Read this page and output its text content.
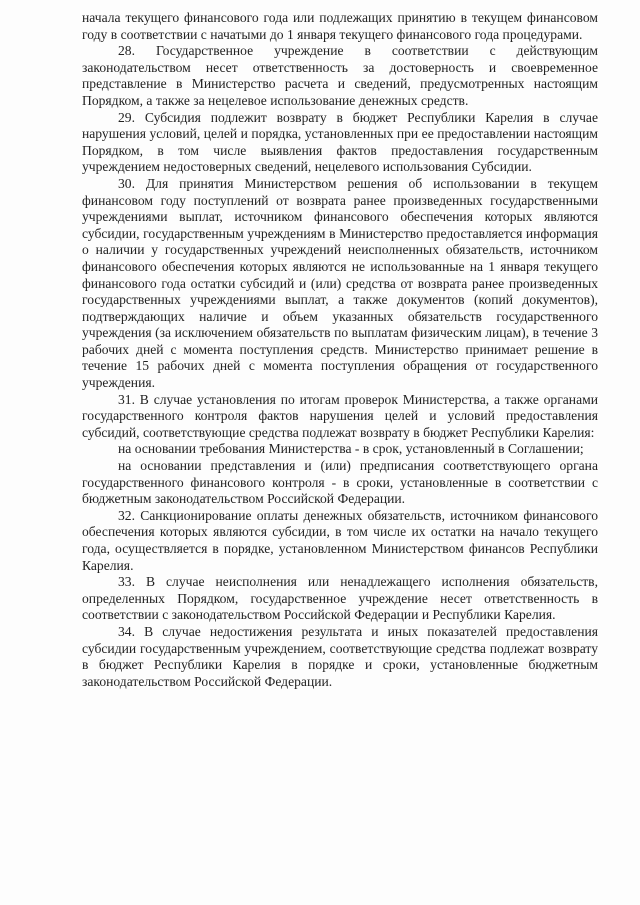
начала текущего финансового года или подлежащих принятию в текущем финансовом году в соответствии с начатыми до 1 января текущего финансового года процедурами.

28. Государственное учреждение в соответствии с действующим законодательством несет ответственность за достоверность и своевременное представление в Министерство расчета и сведений, предусмотренных настоящим Порядком, а также за нецелевое использование денежных средств.

29. Субсидия подлежит возврату в бюджет Республики Карелия в случае нарушения условий, целей и порядка, установленных при ее предоставлении настоящим Порядком, в том числе выявления фактов предоставления государственным учреждением недостоверных сведений, нецелевого использования Субсидии.

30. Для принятия Министерством решения об использовании в текущем финансовом году поступлений от возврата ранее произведенных государственными учреждениями выплат, источником финансового обеспечения которых являются субсидии, государственным учреждениям в Министерство предоставляется информация о наличии у государственных учреждений неисполненных обязательств, источником финансового обеспечения которых являются не использованные на 1 января текущего финансового года остатки субсидий и (или) средства от возврата ранее произведенных государственных учреждениями выплат, а также документов (копий документов), подтверждающих наличие и объем указанных обязательств государственного учреждения (за исключением обязательств по выплатам физическим лицам), в течение 3 рабочих дней с момента поступления средств. Министерство принимает решение в течение 15 рабочих дней с момента поступления обращения от государственного учреждения.

31. В случае установления по итогам проверок Министерства, а также органами государственного контроля фактов нарушения целей и условий предоставления субсидий, соответствующие средства подлежат возврату в бюджет Республики Карелия:

на основании требования Министерства - в срок, установленный в Соглашении;

на основании представления и (или) предписания соответствующего органа государственного финансового контроля - в сроки, установленные в соответствии с бюджетным законодательством Российской Федерации.

32. Санкционирование оплаты денежных обязательств, источником финансового обеспечения которых являются субсидии, в том числе их остатки на начало текущего года, осуществляется в порядке, установленном Министерством финансов Республики Карелия.

33. В случае неисполнения или ненадлежащего исполнения обязательств, определенных Порядком, государственное учреждение несет ответственность в соответствии с законодательством Российской Федерации и Республики Карелия.

34. В случае недостижения результата и иных показателей предоставления субсидии государственным учреждением, соответствующие средства подлежат возврату в бюджет Республики Карелия в порядке и сроки, установленные бюджетным законодательством Российской Федерации.
